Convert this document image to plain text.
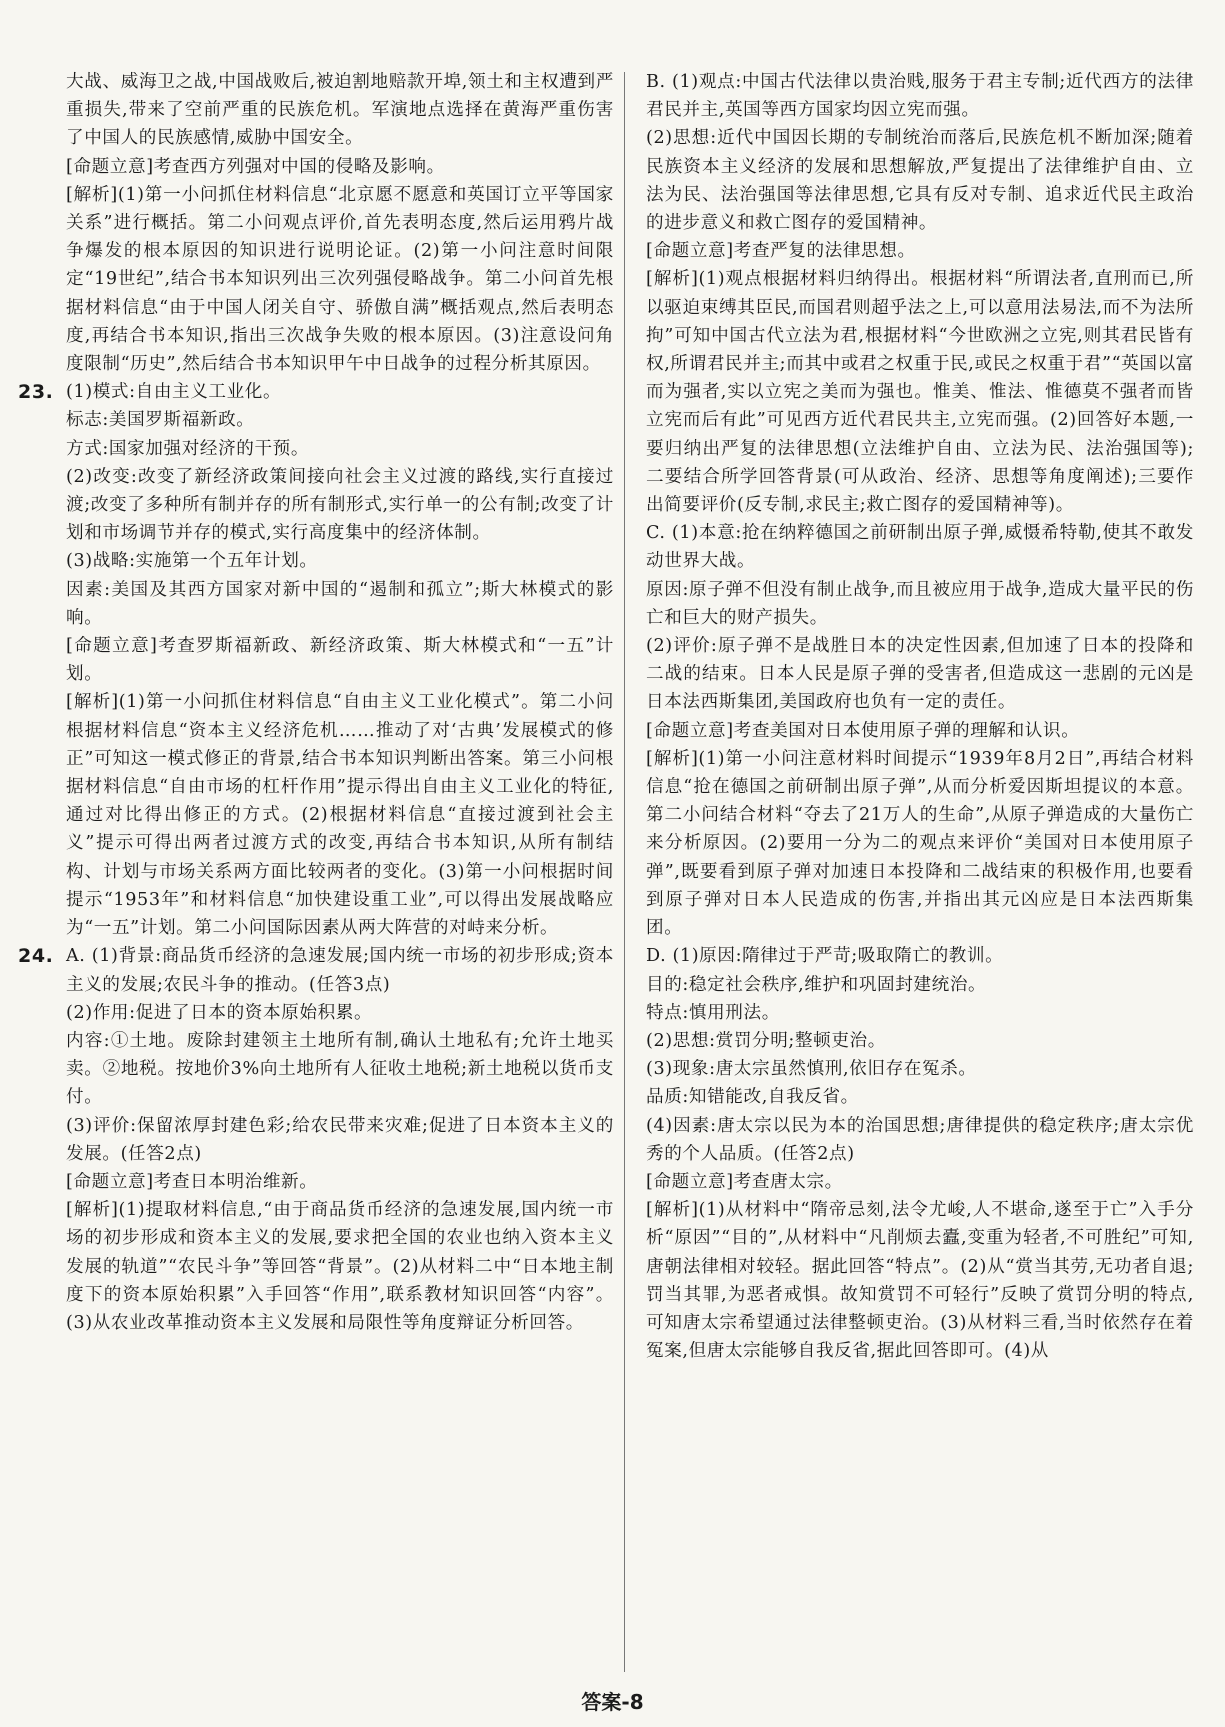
大战、威海卫之战,中国战败后,被迫割地赔款开埠,领土和主权遭到严重损失,带来了空前严重的民族危机。军演地点选择在黄海严重伤害了中国人的民族感情,威胁中国安全。

[命题立意]考查西方列强对中国的侵略及影响。

[解析](1)第一小问抓住材料信息“北京愿不愿意和英国订立平等国家关系”进行概括。第二小问观点评价,首先表明态度,然后运用鸦片战争爆发的根本原因的知识进行说明论证。(2)第一小问注意时间限定“19世纪”,结合书本知识列出三次列强侵略战争。第二小问首先根据材料信息“由于中国人闭关自守、骄傲自满”概括观点,然后表明态度,再结合书本知识,指出三次战争失败的根本原因。(3)注意设问角度限制“历史”,然后结合书本知识甲午中日战争的过程分析其原因。

23. (1)模式:自由主义工业化。

标志:美国罗斯福新政。

方式:国家加强对经济的干预。

(2)改变:改变了新经济政策间接向社会主义过渡的路线,实行直接过渡;改变了多种所有制并存的所有制形式,实行单一的公有制;改变了计划和市场调节并存的模式,实行高度集中的经济体制。

(3)战略:实施第一个五年计划。

因素:美国及其西方国家对新中国的“遏制和孤立”;斯大林模式的影响。

[命题立意]考查罗斯福新政、新经济政策、斯大林模式和“一五”计划。

[解析](1)第一小问抓住材料信息“自由主义工业化模式”。第二小问根据材料信息“资本主义经济危机……推动了对‘古典’发展模式的修正”可知这一模式修正的背景,结合书本知识判断出答案。第三小问根据材料信息“自由市场的杠杆作用”提示得出自由主义工业化的特征,通过对比得出修正的方式。(2)根据材料信息“直接过渡到社会主义”提示可得出两者过渡方式的改变,再结合书本知识,从所有制结构、计划与市场关系两方面比较两者的变化。(3)第一小问根据时间提示“1953年”和材料信息“加快建设重工业”,可以得出发展战略应为“一五”计划。第二小问国际因素从两大阵营的对峙来分析。

24. A. (1)背景:商品货币经济的急速发展;国内统一市场的初步形成;资本主义的发展;农民斗争的推动。(任答3点)

(2)作用:促进了日本的资本原始积累。

内容:①土地。废除封建领主土地所有制,确认土地私有;允许土地买卖。②地税。按地价3%向土地所有人征收土地税;新土地税以货币支付。

(3)评价:保留浓厚封建色彩;给农民带来灾难;促进了日本资本主义的发展。(任答2点)

[命题立意]考查日本明治维新。

[解析](1)提取材料信息,“由于商品货币经济的急速发展,国内统一市场的初步形成和资本主义的发展,要求把全国的农业也纳入资本主义发展的轨道”“农民斗争”等回答“背景”。(2)从材料二中“日本地主制度下的资本原始积累”入手回答“作用”,联系教材知识回答“内容”。(3)从农业改革推动资本主义发展和局限性等角度辩证分析回答。

B. (1)观点:中国古代法律以贵治贱,服务于君主专制;近代西方的法律君民并主,英国等西方国家均因立宪而强。

(2)思想:近代中国因长期的专制统治而落后,民族危机不断加深;随着民族资本主义经济的发展和思想解放,严复提出了法律维护自由、立法为民、法治强国等法律思想,它具有反对专制、追求近代民主政治的进步意义和救亡图存的爱国精神。

[命题立意]考查严复的法律思想。

[解析](1)观点根据材料归纳得出。根据材料“所谓法者,直刑而已,所以驱迫束缚其臣民,而国君则超乎法之上,可以意用法易法,而不为法所拘”可知中国古代立法为君,根据材料“今世欧洲之立宪,则其君民皆有权,所谓君民并主;而其中或君之权重于民,或民之权重于君”“英国以富而为强者,实以立宪之美而为强也。惟美、惟法、惟德莫不强者而皆立宪而后有此”可见西方近代君民共主,立宪而强。(2)回答好本题,一要归纳出严复的法律思想(立法维护自由、立法为民、法治强国等);二要结合所学回答背景(可从政治、经济、思想等角度阐述);三要作出简要评价(反专制,求民主;救亡图存的爱国精神等)。

C. (1)本意:抢在纳粹德国之前研制出原子弹,威慑希特勒,使其不敢发动世界大战。

原因:原子弹不但没有制止战争,而且被应用于战争,造成大量平民的伤亡和巨大的财产损失。

(2)评价:原子弹不是战胜日本的决定性因素,但加速了日本的投降和二战的结束。日本人民是原子弹的受害者,但造成这一悲剧的元凶是日本法西斯集团,美国政府也负有一定的责任。

[命题立意]考查美国对日本使用原子弹的理解和认识。

[解析](1)第一小问注意材料时间提示“1939年8月2日”,再结合材料信息“抢在德国之前研制出原子弹”,从而分析爱因斯坦提议的本意。第二小问结合材料“夺去了21万人的生命”,从原子弹造成的大量伤亡来分析原因。(2)要用一分为二的观点来评价“美国对日本使用原子弹”,既要看到原子弹对加速日本投降和二战结束的积极作用,也要看到原子弹对日本人民造成的伤害,并指出其元凶应是日本法西斯集团。

D. (1)原因:隋律过于严苛;吸取隋亡的教训。

目的:稳定社会秩序,维护和巩固封建统治。

特点:慎用刑法。

(2)思想:赏罚分明;整顿吏治。

(3)现象:唐太宗虽然慎刑,依旧存在冤杀。

品质:知错能改,自我反省。

(4)因素:唐太宗以民为本的治国思想;唐律提供的稳定秩序;唐太宗优秀的个人品质。(任答2点)

[命题立意]考查唐太宗。

[解析](1)从材料中“隋帝忌刻,法令尤峻,人不堪命,遂至于亡”入手分析“原因”“目的”,从材料中“凡削烦去蠹,变重为轻者,不可胜纪”可知,唐朝法律相对较轻。据此回答“特点”。(2)从“赏当其劳,无功者自退;罚当其罪,为恶者戒惧。故知赏罚不可轻行”反映了赏罚分明的特点,可知唐太宗希望通过法律整顿吏治。(3)从材料三看,当时依然存在着冤案,但唐太宗能够自我反省,据此回答即可。(4)从

答案-8
